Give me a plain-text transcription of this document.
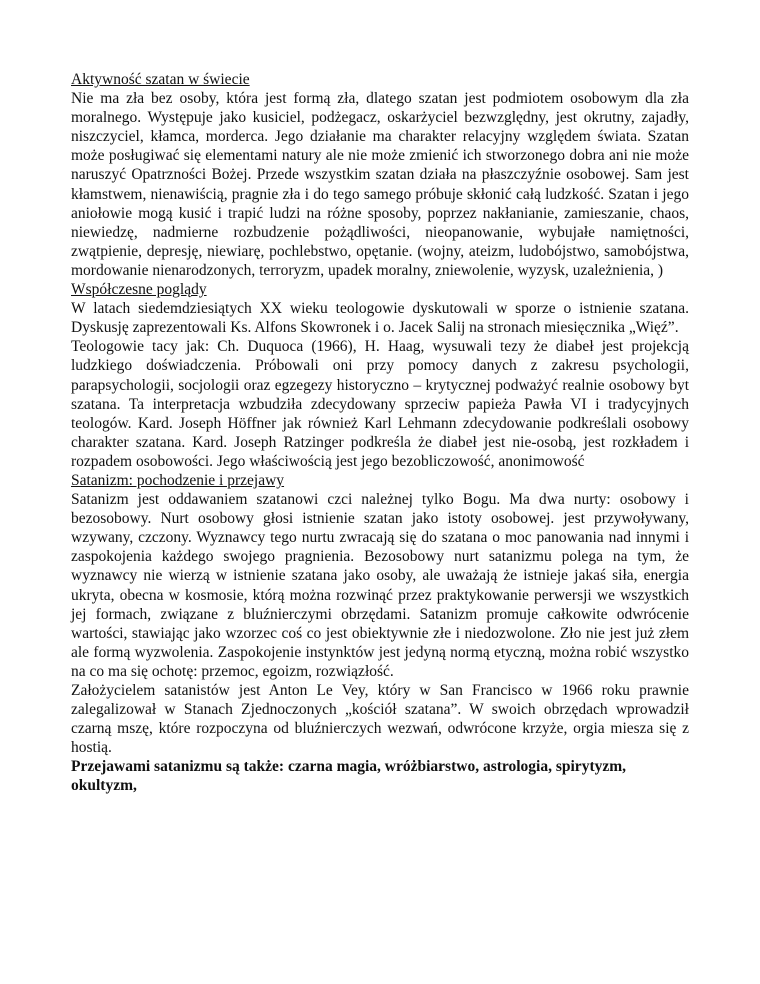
Aktywność szatan w świecie

Nie ma zła bez osoby, która jest formą zła, dlatego szatan jest podmiotem osobowym dla zła moralnego. Występuje jako kusiciel, podżegacz, oskarżyciel bezwzględny, jest okrutny, zajadły, niszczyciel, kłamca, morderca. Jego działanie ma charakter relacyjny względem świata. Szatan może posługiwać się elementami natury ale nie może zmienić ich stworzonego dobra ani nie może naruszyć Opatrzności Bożej. Przede wszystkim szatan działa na płaszczyźnie osobowej. Sam jest kłamstwem, nienawiścią, pragnie zła i do tego samego próbuje skłonić całą ludzkość. Szatan i jego aniołowie mogą kusić i trapić ludzi na różne sposoby, poprzez nakłanianie, zamieszanie, chaos, niewiedzę, nadmierne rozbudzenie pożądliwości, nieopanowanie, wybujałe namiętności, zwątpienie, depresję, niewiarę, pochlebstwo, opętanie. (wojny, ateizm, ludobójstwo, samobójstwa, mordowanie nienarodzonych, terroryzm, upadek moralny, zniewolenie, wyzysk, uzależnienia, )

Współczesne poglądy

W latach siedemdziesiątych XX wieku teologowie dyskutowali w sporze o istnienie szatana. Dyskusję zaprezentowali Ks. Alfons Skowronek i o. Jacek Salij na stronach miesięcznika „Więź”.

Teologowie tacy jak: Ch. Duquoca (1966), H. Haag, wysuwali tezy że diabeł jest projekcją ludzkiego doświadczenia. Próbowali oni przy pomocy danych z zakresu psychologii, parapsychologii, socjologii oraz egzegezy historyczno – krytycznej podważyć realnie osobowy byt szatana. Ta interpretacja wzbudziła zdecydowany sprzeciw papieża Pawła VI i tradycyjnych teologów. Kard. Joseph Höffner jak również Karl Lehmann zdecydowanie podkreślali osobowy charakter szatana. Kard. Joseph Ratzinger podkreśla że diabeł jest nie-osobą, jest rozkładem i rozpadem osobowości. Jego właściwością jest jego bezobliczowość, anonimowość

Satanizm: pochodzenie i przejawy

Satanizm jest oddawaniem szatanowi czci należnej tylko Bogu. Ma dwa nurty: osobowy i bezosobowy. Nurt osobowy głosi istnienie szatan jako istoty osobowej. jest przywoływany, wzywany, czczony. Wyznawcy tego nurtu zwracają się do szatana o moc panowania nad innymi i zaspokojenia każdego swojego pragnienia. Bezosobowy nurt satanizmu polega na tym, że wyznawcy nie wierzą w istnienie szatana jako osoby, ale uważają że istnieje jakaś siła, energia ukryta, obecna w kosmosie, którą można rozwinąć przez praktykowanie perwersji we wszystkich jej formach, związane z bluźnierczymi obrzędami. Satanizm promuje całkowite odwrócenie wartości, stawiając jako wzorzec coś co jest obiektywnie złe i niedozwolone. Zło nie jest już złem ale formą wyzwolenia. Zaspokojenie instynktów jest jedyną normą etyczną, można robić wszystko na co ma się ochotę: przemoc, egoizm, rozwiązłość.

Założycielem satanistów jest Anton Le Vey, który w San Francisco w 1966 roku prawnie zalegalizował w Stanach Zjednoczonych „kościół szatana”. W swoich obrzędach wprowadził czarną mszę, które rozpoczyna od bluźnierczych wezwań, odwrócone krzyże, orgia miesza się z hostią.

Przejawami satanizmu są także: czarna magia, wróżbiarstwo, astrologia, spirytyzm, okultyzm,
